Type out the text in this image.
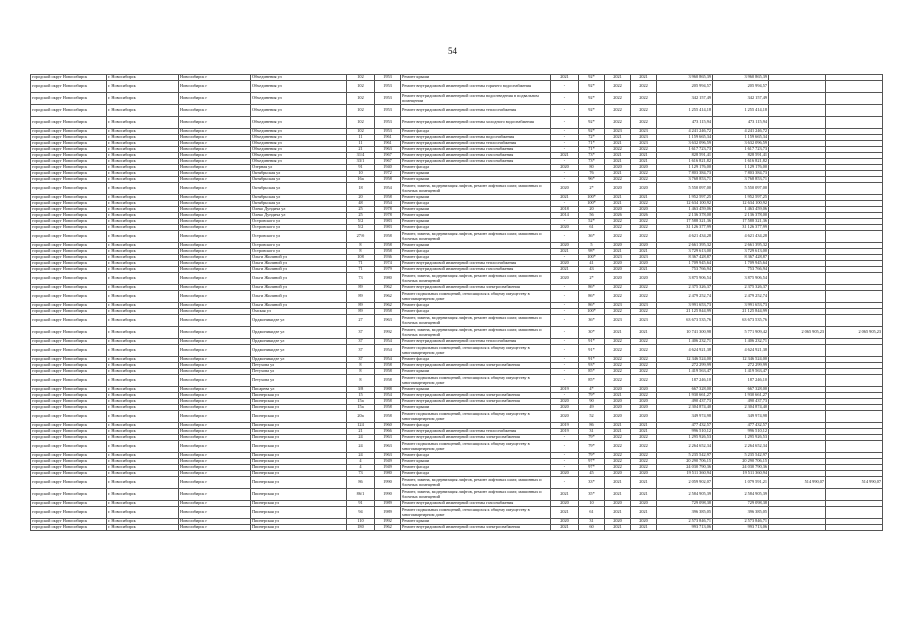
54
городской округ Новосибирск	г. Новосибирск	Новосибирск г	Объединения ул	102	1953	Ремонт крыши	2021	92*	2021	2021	3 960 865,39	3 960 865,39		
городской округ Новосибирск	г. Новосибирск	Новосибирск г	Объединения ул	102	1953	Ремонт внутридомовой инженерной системы горячего водоснабжения	-	92*	2022	2022	205 994,57	205 994,57		
городской округ Новосибирск	г. Новосибирск	Новосибирск г	Объединения ул	102	1953	Ремонт внутридомовой инженерной системы водоотведения в подвальном помещении	-	92*	2022	2022	342 157,49	342 157,49		
городской округ Новосибирск	г. Новосибирск	Новосибирск г	Объединения ул	102	1953	Ремонт внутридомовой инженерной системы теплоснабжения	-	92*	2022	2022	1 255 414,18	1 255 414,18		
городской округ Новосибирск	г. Новосибирск	Новосибирск г	Объединения ул	102	1953	Ремонт внутридомовой инженерной системы холодного водоснабжения	-	92*	2022	2022	473 115,94	473 115,94		
городской округ Новосибирск	г. Новосибирск	Новосибирск г	Объединения ул	102	1953	Ремонт фасада	-	92*	2023	2023	4 241 246,72	4 241 246,72		
городской округ Новосибирск	г. Новосибирск	Новосибирск г	Объединения ул	11	1961	Ремонт внутридомовой инженерной системы водоснабжения	-	72*	2021	2023	1 159 665,34	1 159 665,34		
городской округ Новосибирск	г. Новосибирск	Новосибирск г	Объединения ул	11	1961	Ремонт внутридомовой инженерной системы теплоснабжения	-	71*	2021	2023	3 632 096,59	3 632 096,59		
городской округ Новосибирск	г. Новосибирск	Новосибирск г	Объединения ул	21	1963	Ремонт внутридомовой инженерной системы газоснабжения	-	71*	2022	2022	1 617 723,73	1 617 723,73		
городской округ Новосибирск	г. Новосибирск	Новосибирск г	Объединения ул	31/4	1967	Ремонт внутридомовой инженерной системы газоснабжения	2021	73*	2021	2021	828 591,41	828 591,41		
городской округ Новосибирск	г. Новосибирск	Новосибирск г	Объединения ул	33/1	1967	Ремонт внутридомовой инженерной системы газоснабжения	-	73*	2021	2021	1 616 821,82	1 616 821,82		
городской округ Новосибирск	г. Новосибирск	Новосибирск г	Озерная ул	91	1940	Ремонт фасада	2020	80	2020	2020	1 129 176,00	1 129 176,00		
городской округ Новосибирск	г. Новосибирск	Новосибирск г	Октябрьская ул	10	1972	Ремонт крыши	-	76	2021	2022	7 803 384,73	7 803 384,73		
городской округ Новосибирск	г. Новосибирск	Новосибирск г	Октябрьская ул	16а	1958	Ремонт крыши	-	96*	2022	2022	3 768 853,71	3 768 853,71		
городской округ Новосибирск	г. Новосибирск	Новосибирск г	Октябрьская ул	18	1954	Ремонт, замена, модернизация лифтов, ремонт лифтовых шахт, машинных и блочных помещений	2020	2*	2020	2020	5 550 097,00	5 550 097,00		
городской округ Новосибирск	г. Новосибирск	Новосибирск г	Октябрьская ул	20	1958	Ремонт крыши	2021	100*	2021	2021	1 952 597,25	1 952 597,25		
городской округ Новосибирск	г. Новосибирск	Новосибирск г	Октябрьская ул	48	1954	Ремонт фасада	-	100*	2021	2022	12 634 100,92	12 634 100,92		
городской округ Новосибирск	г. Новосибирск	Новосибирск г	Олеко Дундича ул	25	1978	Ремонт крыши	2018	20	2020	2020	1 463 459,06	1 463 459,06		
городской округ Новосибирск	г. Новосибирск	Новосибирск г	Олеко Дундича ул	25	1978	Ремонт крыши	2014	56	2026	2026	2 136 378,00	2 136 378,00		
городской округ Новосибирск	г. Новосибирск	Новосибирск г	Островского ул	5/2	1983	Ремонт крыши	-	52*	2022	2022	17 588 321,36	17 588 321,36		
городской округ Новосибирск	г. Новосибирск	Новосибирск г	Островского ул	5/2	1983	Ремонт фасада	2020	61	2022	2022	31 126 377,99	31 126 377,99		
городской округ Новосибирск	г. Новосибирск	Новосибирск г	Островского ул	27/б	1958	Ремонт, замена, модернизация лифтов, ремонт лифтовых шахт, машинных и блочных помещений	-	36*	2022	2022	4 621 434,28	4 621 434,28		
городской округ Новосибирск	г. Новосибирск	Новосибирск г	Островского ул	8	1958	Ремонт крыши	2020	5	2020	2020	2 661 395,32	2 661 395,32		
городской округ Новосибирск	г. Новосибирск	Новосибирск г	Островского ул	8	1958	Ремонт фасада	2021	98*	2021	2021	3 729 613,00	3 729 613,00		
городской округ Новосибирск	г. Новосибирск	Новосибирск г	Ольги Жилиной ул	108	1936	Ремонт фасада	-	100*	2023	2023	8 367 428,87	8 367 428,87		
городской округ Новосибирск	г. Новосибирск	Новосибирск г	Ольги Жилиной ул	71	1974	Ремонт внутридомовой инженерной системы теплоснабжения	2020	41	2020	2020	1 709 945,64	1 709 945,64		
городской округ Новосибирск	г. Новосибирск	Новосибирск г	Ольги Жилиной ул	71	1979	Ремонт внутридомовой инженерной системы газоснабжения	2021	43	2020	2021	753 766,94	753 766,94		
городской округ Новосибирск	г. Новосибирск	Новосибирск г	Ольги Жилиной ул	73	1980	Ремонт, замена, модернизация лифтов, ремонт лифтовых шахт, машинных и блочных помещений	2020	2*	2020	2020	3 875 906,54	3 875 906,54		
городской округ Новосибирск	г. Новосибирск	Новосибирск г	Ольги Жилиной ул	89	1962	Ремонт внутридомовой инженерной системы электроснабжения	-	86*	2022	2022	2 375 326,37	2 375 326,37		
городской округ Новосибирск	г. Новосибирск	Новосибирск г	Ольги Жилиной ул	89	1962	Ремонт подвальных помещений, относящихся к общему имуществу в многоквартирном доме	-	86*	2022	2022	2 479 252,74	2 479 252,74		
городской округ Новосибирск	г. Новосибирск	Новосибирск г	Ольги Жилиной ул	89	1962	Ремонт фасада	-	86*	2023	2023	3 991 653,73	3 991 653,73		
городской округ Новосибирск	г. Новосибирск	Новосибирск г	Омская ул	89	1958	Ремонт фасада	-	100*	2022	2022	21 125 844,99	21 125 844,99		
городской округ Новосибирск	г. Новосибирск	Новосибирск г	Орджоникидзе ул	27	1963	Ремонт, замена, модернизация лифтов, ремонт лифтовых шахт, машинных и блочных помещений	-	36*	2023	2023	63 673 535,76	63 673 535,76		
городской округ Новосибирск	г. Новосибирск	Новосибирск г	Орджоникидзе ул	37	1992	Ремонт, замена, модернизация лифтов, ремонт лифтовых шахт, машинных и блочных помещений	-	30*	2021	2021	10 741 300,98	5 771 909,42	2 065 905,23	2 065 905,23
городской округ Новосибирск	г. Новосибирск	Новосибирск г	Орджоникидзе ул	37	1954	Ремонт внутридомовой инженерной системы теплоснабжения	-	91*	2022	2022	1 406 232,71	1 406 232,71		
городской округ Новосибирск	г. Новосибирск	Новосибирск г	Орджоникидзе ул	37	1954	Ремонт подвальных помещений, относящихся к общему имуществу в многоквартирном доме	-	91*	2022	2022	4 624 921,38	4 624 921,38		
городской округ Новосибирск	г. Новосибирск	Новосибирск г	Орджоникидзе ул	37	1954	Ремонт фасада	-	91*	2022	2022	12 346 524,00	12 346 524,00		
городской округ Новосибирск	г. Новосибирск	Новосибирск г	Петухова ул	8	1958	Ремонт внутридомовой инженерной системы электроснабжения	-	93*	2022	2022	272 299,99	272 299,99		
городской округ Новосибирск	г. Новосибирск	Новосибирск г	Петухова ул	8	1958	Ремонт крыши	-	85*	2022	2022	1 419 563,47	1 419 563,47		
городской округ Новосибирск	г. Новосибирск	Новосибирск г	Петухова ул	8	1958	Ремонт подвальных помещений, относящихся к общему имуществу в многоквартирном доме	-	85*	2022	2022	187 246,10	187 246,10		
городской округ Новосибирск	г. Новосибирск	Новосибирск г	Писарева ул	3/8	1988	Ремонт крыши	2019	4*	2020	2020	667 328,00	667 328,00		
городской округ Новосибирск	г. Новосибирск	Новосибирск г	Пионерская ул	15	1954	Ремонт внутридомовой инженерной системы электроснабжения	-	79*	2021	2022	1 930 661,27	1 930 661,27		
городской округ Новосибирск	г. Новосибирск	Новосибирск г	Пионерская ул	15а	1958	Ремонт внутридомовой инженерной системы электроснабжения	2020	90	2020	2020	490 437,73	490 437,73		
городской округ Новосибирск	г. Новосибирск	Новосибирск г	Пионерская ул	15а	1958	Ремонт крыши	2020	49	2020	2020	2 304 874,40	2 304 874,40		
городской округ Новосибирск	г. Новосибирск	Новосибирск г	Пионерская ул	20а	1958	Ремонт подвальных помещений, относящихся к общему имуществу в многоквартирном доме	2020	52	2020	2020	349 974,98	349 974,98		
городской округ Новосибирск	г. Новосибирск	Новосибирск г	Пионерская ул	124	1960	Ремонт фасада	2019	86	2021	2021	477 432,57	477 432,57		
городской округ Новосибирск	г. Новосибирск	Новосибирск г	Пионерская ул	21	1966	Ремонт внутридомовой инженерной системы теплоснабжения	2019	31	2021	2021	996 510,12	996 510,12		
городской округ Новосибирск	г. Новосибирск	Новосибирск г	Пионерская ул	24	1963	Ремонт внутридомовой инженерной системы электроснабжения	-	79*	2022	2022	1 295 926,53	1 295 926,53		
городской округ Новосибирск	г. Новосибирск	Новосибирск г	Пионерская ул	24	1963	Ремонт подвальных помещений, относящихся к общему имуществу в многоквартирном доме	-	79*	2022	2022	2 264 652,34	2 264 652,34		
городской округ Новосибирск	г. Новосибирск	Новосибирск г	Пионерская ул	24	1963	Ремонт фасада	-	79*	2022	2022	5 235 542,97	5 235 542,97		
городской округ Новосибирск	г. Новосибирск	Новосибирск г	Пионерская ул	4	1949	Ремонт крыши	-	97*	2022	2022	20 290 706,15	20 290 706,15		
городской округ Новосибирск	г. Новосибирск	Новосибирск г	Пионерская ул	4	1949	Ремонт фасада	-	97*	2022	2022	24 030 790,36	24 030 790,36		
городской округ Новосибирск	г. Новосибирск	Новосибирск г	Пионерская ул	73	1980	Ремонт фасада	2020	45	2020	2020	19 511 360,94	19 511 360,94		
городской округ Новосибирск	г. Новосибирск	Новосибирск г	Пионерская ул	86	1990	Ремонт, замена, модернизация лифтов, ремонт лифтовых шахт, машинных и блочных помещений	-	33*	2021	2021	2 059 902,07	1 079 591,21	514 990,07	514 990,07
городской округ Новосибирск	г. Новосибирск	Новосибирск г	Пионерская ул	86/1	1990	Ремонт, замена, модернизация лифтов, ремонт лифтовых шахт, машинных и блочных помещений	2021	35*	2021	2021	2 584 905,39	2 584 905,39		
городской округ Новосибирск	г. Новосибирск	Новосибирск г	Пионерская ул	91	1989	Ремонт внутридомовой инженерной системы газоснабжения	2020	10	2020	2020	729 098,38	729 098,38		
городской округ Новосибирск	г. Новосибирск	Новосибирск г	Пионерская ул	94	1989	Ремонт подвальных помещений, относящихся к общему имуществу в многоквартирном доме	2021	61	2021	2021	396 385,05	396 385,05		
городской округ Новосибирск	г. Новосибирск	Новосибирск г	Пионерская ул	110	1992	Ремонт крыши	2020	31	2020	2020	2 573 846,71	2 573 846,71		
городской округ Новосибирск	г. Новосибирск	Новосибирск г	Пионерская ул	180	1962	Ремонт внутридомовой инженерной системы электроснабжения	2021	60	2021	2021	993 713,06	993 713,06		
